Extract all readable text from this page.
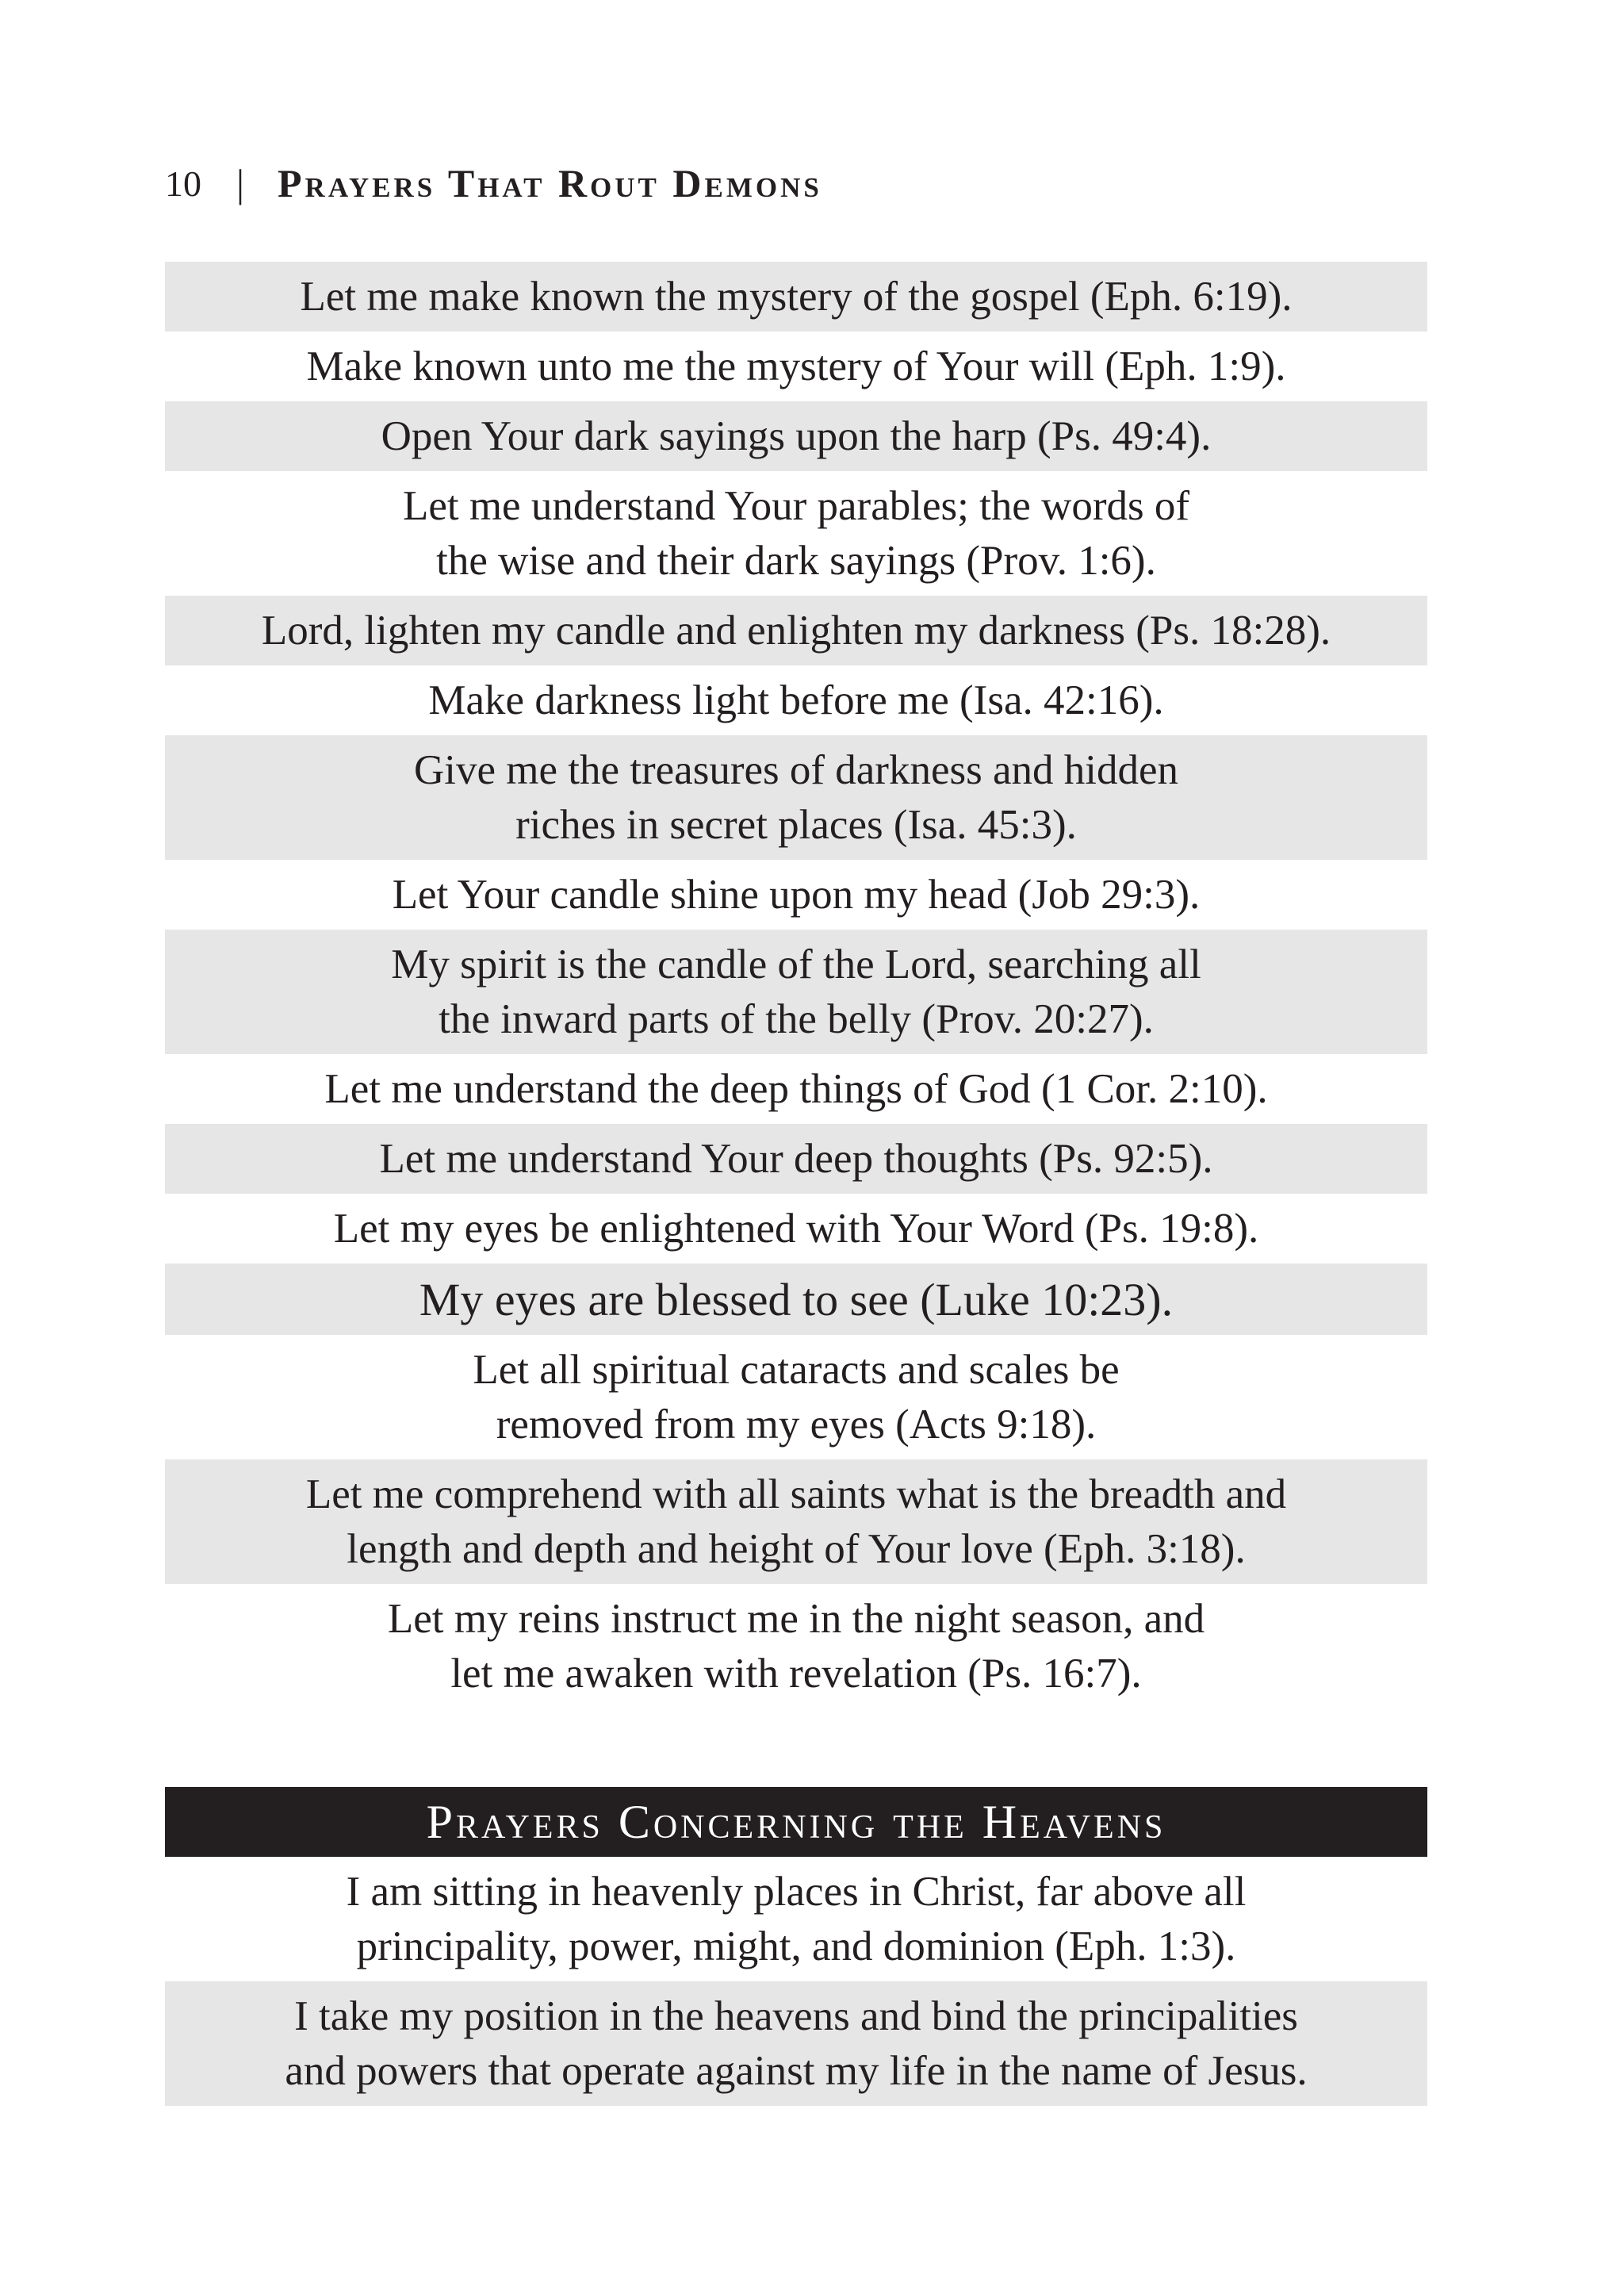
10 | Prayers That Rout Demons
Let me make known the mystery of the gospel (Eph. 6:19).
Make known unto me the mystery of Your will (Eph. 1:9).
Open Your dark sayings upon the harp (Ps. 49:4).
Let me understand Your parables; the words of
the wise and their dark sayings (Prov. 1:6).
Lord, lighten my candle and enlighten my darkness (Ps. 18:28).
Make darkness light before me (Isa. 42:16).
Give me the treasures of darkness and hidden
riches in secret places (Isa. 45:3).
Let Your candle shine upon my head (Job 29:3).
My spirit is the candle of the Lord, searching all
the inward parts of the belly (Prov. 20:27).
Let me understand the deep things of God (1 Cor. 2:10).
Let me understand Your deep thoughts (Ps. 92:5).
Let my eyes be enlightened with Your Word (Ps. 19:8).
My eyes are blessed to see (Luke 10:23).
Let all spiritual cataracts and scales be
removed from my eyes (Acts 9:18).
Let me comprehend with all saints what is the breadth and
length and depth and height of Your love (Eph. 3:18).
Let my reins instruct me in the night season, and
let me awaken with revelation (Ps. 16:7).
Prayers Concerning the Heavens
I am sitting in heavenly places in Christ, far above all
principality, power, might, and dominion (Eph. 1:3).
I take my position in the heavens and bind the principalities
and powers that operate against my life in the name of Jesus.
